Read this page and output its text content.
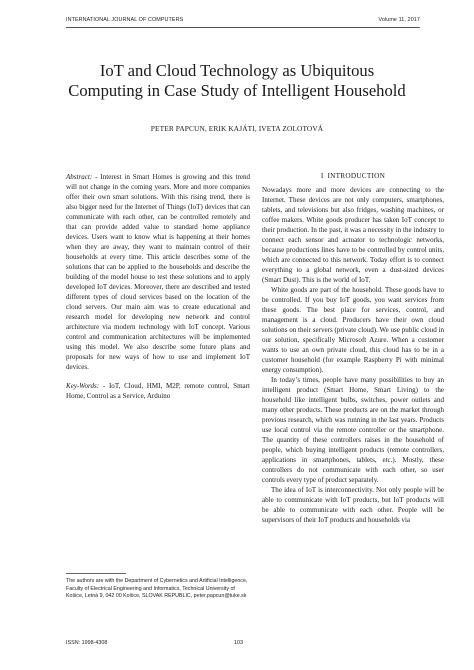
INTERNATIONAL JOURNAL OF COMPUTERS	Volume 11, 2017
IoT and Cloud Technology as Ubiquitous
Computing in Case Study of Intelligent Household
PETER PAPCUN, ERIK KAJÁTI, IVETA ZOLOTOVÁ

Abstract: - Interest in Smart Homes is growing and this trend will not change in the coming years. More and more companies offer their own smart solutions. With this rising trend, there is also bigger need for the Internet of Things (IoT) devices that can communicate with each other, can be controlled remotely and that can provide added value to standard home appliance devices. Users want to know what is happening at their homes when they are away, they want to maintain control of their households at every time. This article describes some of the solutions that can be applied to the households and describe the building of the model house to test these solutions and to apply developed IoT devices. Moreover, there are described and tested different types of cloud services based on the location of the cloud servers. Our main aim was to create educational and research model for developing new network and control architecture via modern technology with IoT concept. Various control and communication architectures will be implemented using this model. We also describe some future plans and proposals for new ways of how to use and implement IoT devices.

Key-Words: - IoT, Cloud, HMI, M2P, remote control, Smart Home, Control as a Service, Arduino

The authors are with the Department of Cybernetics and Artificial Intelligence, Faculty of Electrical Engineering and Informatics, Technical University of Košice, Letná 9, 042 00 Košice, SLOVAK REPUBLIC, peter.papcun@tuke.sk

I INTRODUCTION

Nowadays more and more devices are connecting to the Internet. These devices are not only computers, smartphones, tablets, and televisions but also fridges, washing machines, or coffee makers. White goods producer has taken IoT concept to their production. In the past, it was a necessity in the industry to connect each sensor and actuator to technologic networks, because productions lines have to be controlled by control units, which are connected to this network. Today effort is to connect everything to a global network, even a dust-sized devices (Smart Dust). This is the world of IoT.

White goods are part of the household. These goods have to be controlled. If you buy IoT goods, you want services from these goods. The best place for services, control, and management is a cloud. Producers have their own cloud solutions on their servers (private cloud). We use public cloud in our solution, specifically Microsoft Azure. When a customer wants to use an own private cloud, this cloud has to be in a customer household (for example Raspberry Pi with minimal energy consumption).

In today’s times, people have many possibilities to buy an intelligent product (Smart Home, Smart Living) to the household like intelligent bulbs, switches, power outlets and many other products. These products are on the market through previous research, which was running in the last years. Products use local control via the remote controller or the smartphone. The quantity of these controllers raises in the household of people, which buying intelligent products (remote controllers, applications in smartphones, tablets, etc.). Mostly, these controllers do not communicate with each other, so user controls every type of product separately.

The idea of IoT is interconnectivity. Not only people will be able to communicate with IoT products, but IoT products will be able to communicate with each other. People will be supervisors of their IoT products and households via

ISSN: 1998-4308	103
